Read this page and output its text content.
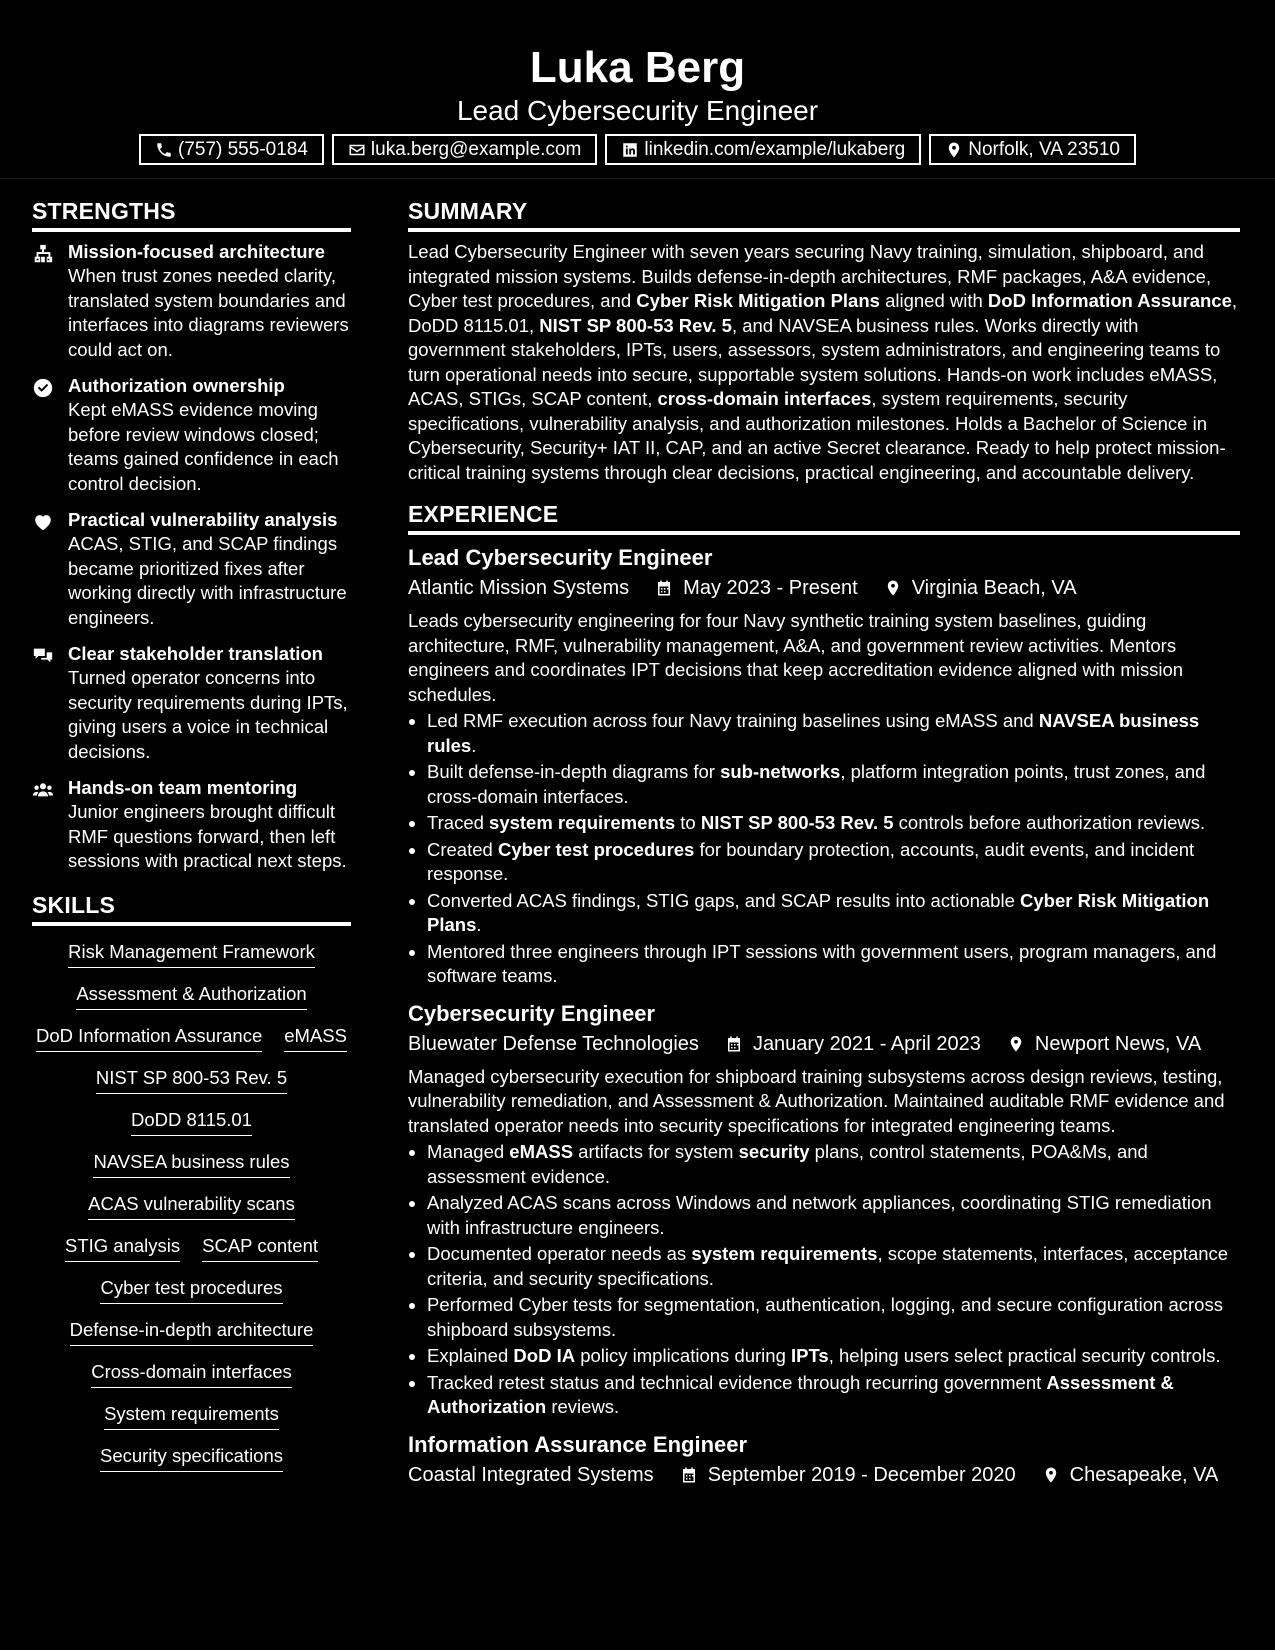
Luka Berg
Lead Cybersecurity Engineer
(757) 555-0184	luka.berg@example.com	linkedin.com/example/lukaberg	Norfolk, VA 23510
STRENGTHS
Mission-focused architecture
When trust zones needed clarity, translated system boundaries and interfaces into diagrams reviewers could act on.
Authorization ownership
Kept eMASS evidence moving before review windows closed; teams gained confidence in each control decision.
Practical vulnerability analysis
ACAS, STIG, and SCAP findings became prioritized fixes after working directly with infrastructure engineers.
Clear stakeholder translation
Turned operator concerns into security requirements during IPTs, giving users a voice in technical decisions.
Hands-on team mentoring
Junior engineers brought difficult RMF questions forward, then left sessions with practical next steps.
SKILLS
Risk Management Framework
Assessment & Authorization
DoD Information Assurance eMASS
NIST SP 800-53 Rev. 5
DoDD 8115.01
NAVSEA business rules
ACAS vulnerability scans
STIG analysis SCAP content
Cyber test procedures
Defense-in-depth architecture
Cross-domain interfaces
System requirements
Security specifications
SUMMARY

Lead Cybersecurity Engineer with seven years securing Navy training, simulation, shipboard, and integrated mission systems. Builds defense-in-depth architectures, RMF packages, A&A evidence, Cyber test procedures, and Cyber Risk Mitigation Plans aligned with DoD Information Assurance, DoDD 8115.01, NIST SP 800-53 Rev. 5, and NAVSEA business rules. Works directly with government stakeholders, IPTs, users, assessors, system administrators, and engineering teams to turn operational needs into secure, supportable system solutions. Hands-on work includes eMASS, ACAS, STIGs, SCAP content, cross-domain interfaces, system requirements, security specifications, vulnerability analysis, and authorization milestones. Holds a Bachelor of Science in Cybersecurity, Security+ IAT II, CAP, and an active Secret clearance. Ready to help protect mission-critical training systems through clear decisions, practical engineering, and accountable delivery.

EXPERIENCE
Lead Cybersecurity Engineer
Atlantic Mission Systems	May 2023 - Present	Virginia Beach, VA

Leads cybersecurity engineering for four Navy synthetic training system baselines, guiding architecture, RMF, vulnerability management, A&A, and government review activities. Mentors engineers and coordinates IPT decisions that keep accreditation evidence aligned with mission schedules.

• Led RMF execution across four Navy training baselines using eMASS and NAVSEA business rules.
• Built defense-in-depth diagrams for sub-networks, platform integration points, trust zones, and cross-domain interfaces.
• Traced system requirements to NIST SP 800-53 Rev. 5 controls before authorization reviews.
• Created Cyber test procedures for boundary protection, accounts, audit events, and incident response.
• Converted ACAS findings, STIG gaps, and SCAP results into actionable Cyber Risk Mitigation Plans.
• Mentored three engineers through IPT sessions with government users, program managers, and software teams.
Cybersecurity Engineer
Bluewater Defense Technologies	January 2021 - April 2023	Newport News, VA

Managed cybersecurity execution for shipboard training subsystems across design reviews, testing, vulnerability remediation, and Assessment & Authorization. Maintained auditable RMF evidence and translated operator needs into security specifications for integrated engineering teams.

• Managed eMASS artifacts for system security plans, control statements, POA&Ms, and assessment evidence.
• Analyzed ACAS scans across Windows and network appliances, coordinating STIG remediation with infrastructure engineers.
• Documented operator needs as system requirements, scope statements, interfaces, acceptance criteria, and security specifications.
• Performed Cyber tests for segmentation, authentication, logging, and secure configuration across shipboard subsystems.
• Explained DoD IA policy implications during IPTs, helping users select practical security controls.
• Tracked retest status and technical evidence through recurring government Assessment & Authorization reviews.
Information Assurance Engineer
Coastal Integrated Systems	September 2019 - December 2020	Chesapeake, VA
